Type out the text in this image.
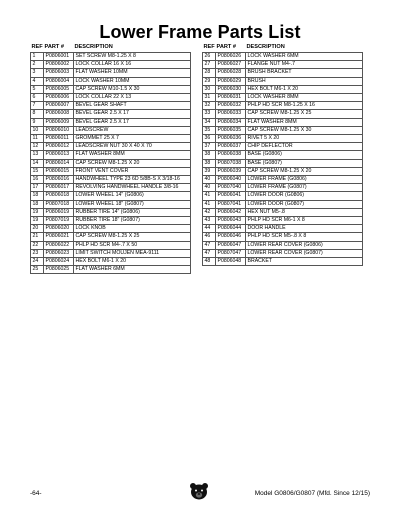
Lower Frame Parts List
REF	PART #	DESCRIPTION
1	P0806001	SET SCREW M8-1.25 X 8
2	P0806002	LOCK COLLAR 16 X 16
3	P0806003	FLAT WASHER 10MM
4	P0806004	LOCK WASHER 10MM
5	P0806005	CAP SCREW M10-1.5 X 30
6	P0806006	LOCK COLLAR 22 X 13
7	P0806007	BEVEL GEAR SHAFT
8	P0806008	BEVEL GEAR 2.5 X 17
9	P0806009	BEVEL GEAR 2.5 X 17
10	P0806010	LEADSCREW
11	P0806011	GROMMET 25 X 7
12	P0806012	LEADSCREW NUT 30 X 40 X 70
13	P0806013	FLAT WASHER 8MM
14	P0806014	CAP SCREW M8-1.25 X 20
15	P0806015	FRONT VENT COVER
16	P0806016	HANDWHEEL TYPE 23 6D 5/8B-S X 3/18-16
17	P0806017	REVOLVING HANDWHEEL HANDLE 3/8-16
18	P0806018	LOWER WHEEL 14" (G0806)
18	P0807018	LOWER WHEEL 18" (G0807)
19	P0806019	RUBBER TIRE 14" (G0806)
19	P0807019	RUBBER TIRE 18" (G0807)
20	P0806020	LOCK KNOB
21	P0806021	CAP SCREW M8-1.25 X 25
22	P0806022	PHLP HD SCR M4-.7 X 50
23	P0806023	LIMIT SWITCH MOUJEN MEA-9111
24	P0806024	HEX BOLT M6-1 X 20
25	P0806025	FLAT WASHER 6MM
REF	PART #	DESCRIPTION
26	P0806026	LOCK WASHER 6MM
27	P0806027	FLANGE NUT M4-.7
28	P0806028	BRUSH BRACKET
29	P0806029	BRUSH
30	P0806030	HEX BOLT M6-1 X 20
31	P0806031	LOCK WASHER 8MM
32	P0806032	PHLP HD SCR M8-1.25 X 16
33	P0806033	CAP SCREW M8-1.25 X 25
34	P0806034	FLAT WASHER 8MM
35	P0806035	CAP SCREW M8-1.25 X 30
36	P0806036	RIVET 5 X 20
37	P0806037	CHIP DEFLECTOR
38	P0806038	BASE (G0806)
38	P0807038	BASE (G0807)
39	P0806039	CAP SCREW M8-1.25 X 20
40	P0806040	LOWER FRAME (G0806)
40	P0807040	LOWER FRAME (G0807)
41	P0806041	LOWER DOOR (G0806)
41	P0807041	LOWER DOOR (G0807)
42	P0806042	HEX NUT M5-.8
43	P0806043	PHLP HD SCR M6-1 X 8
44	P0806044	DOOR HANDLE
46	P0806046	PHLP HD SCR M5-.8 X 8
47	P0806047	LOWER REAR COVER (G0806)
47	P0807047	LOWER REAR COVER (G0807)
48	P0806048	BRACKET
-64-	Model G0806/G0807 (Mfd. Since 12/15)
